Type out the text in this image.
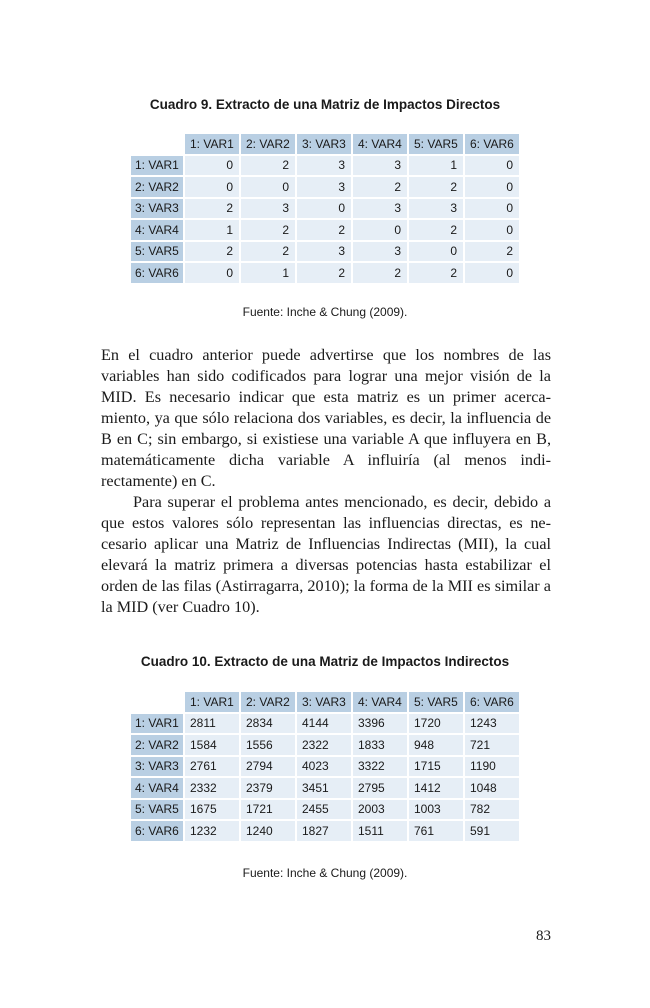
Cuadro 9. Extracto de una Matriz de Impactos Directos
	1: VAR1	2: VAR2	3: VAR3	4: VAR4	5: VAR5	6: VAR6
1: VAR1	0	2	3	3	1	0
2: VAR2	0	0	3	2	2	0
3: VAR3	2	3	0	3	3	0
4: VAR4	1	2	2	0	2	0
5: VAR5	2	2	3	3	0	2
6: VAR6	0	1	2	2	2	0
Fuente: Inche & Chung (2009).

En el cuadro anterior puede advertirse que los nombres de las variables han sido codificados para lograr una mejor visión de la MID. Es necesario indicar que esta matriz es un primer acercamiento, ya que sólo relaciona dos variables, es decir, la influencia de B en C; sin embargo, si existiese una variable A que influyera en B, matemáticamente dicha variable A influiría (al menos indirectamente) en C.

Para superar el problema antes mencionado, es decir, debido a que estos valores sólo representan las influencias directas, es necesario aplicar una Matriz de Influencias Indirectas (MII), la cual elevará la matriz primera a diversas potencias hasta estabilizar el orden de las filas (Astirragarra, 2010); la forma de la MII es similar a la MID (ver Cuadro 10).

Cuadro 10. Extracto de una Matriz de Impactos Indirectos
	1: VAR1	2: VAR2	3: VAR3	4: VAR4	5: VAR5	6: VAR6
1: VAR1	2811	2834	4144	3396	1720	1243
2: VAR2	1584	1556	2322	1833	948	721
3: VAR3	2761	2794	4023	3322	1715	1190
4: VAR4	2332	2379	3451	2795	1412	1048
5: VAR5	1675	1721	2455	2003	1003	782
6: VAR6	1232	1240	1827	1511	761	591
Fuente: Inche & Chung (2009).
83
